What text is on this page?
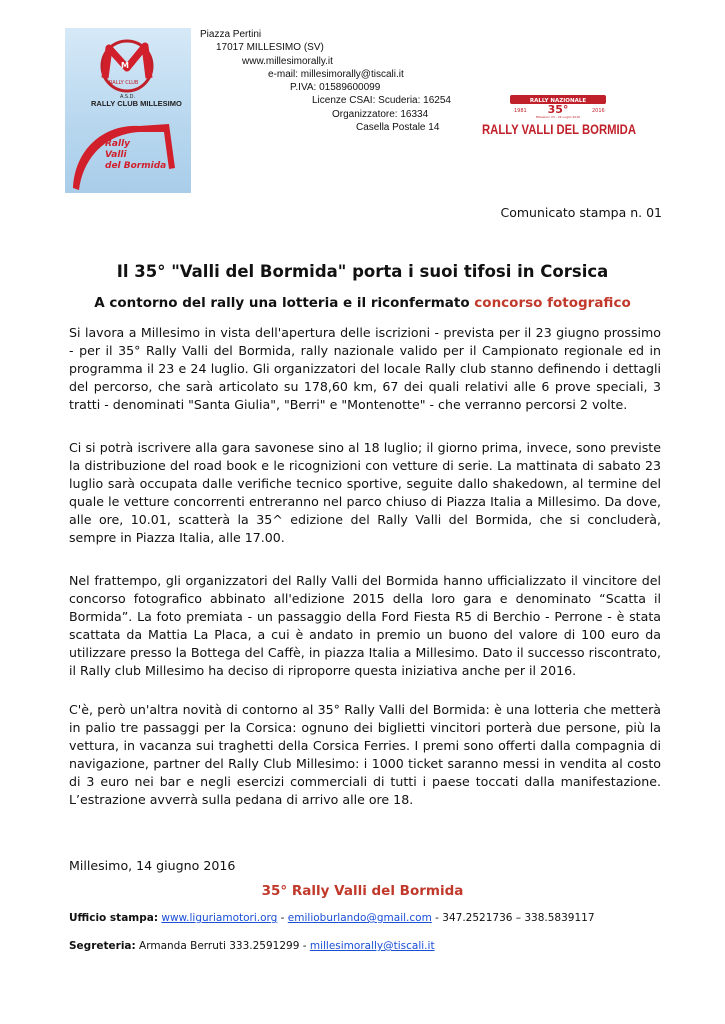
RALLY CLUB
M
A.S.D.
RALLY CLUB MILLESIMO
Rally
Valli
del Bormida
Piazza Pertini
17017 MILLESIMO (SV)
www.millesimorally.it
e-mail: millesimorally@tiscali.it
P.IVA: 01589600099
Licenze CSAI: Scuderia: 16254
Organizzatore: 16334
Casella Postale 14
RALLY NAZIONALE
1981 35°	2016
Millesimo 23 - 24 Luglio 2016
RALLY VALLI DEL BORMIDA
Comunicato stampa n. 01
Il 35° "Valli del Bormida" porta i suoi tifosi in Corsica
A contorno del rally una lotteria e il riconfermato concorso fotografico
Si lavora a Millesimo in vista dell'apertura delle iscrizioni - prevista per il 23 giugno prossimo - per il 35° Rally Valli del Bormida, rally nazionale valido per il Campionato regionale ed in programma il 23 e 24 luglio. Gli organizzatori del locale Rally club stanno definendo i dettagli del percorso, che sarà articolato su 178,60 km, 67 dei quali relativi alle 6 prove speciali, 3 tratti - denominati "Santa Giulia", "Berri" e "Montenotte" - che verranno percorsi 2 volte.
Ci si potrà iscrivere alla gara savonese sino al 18 luglio; il giorno prima, invece, sono previste la distribuzione del road book e le ricognizioni con vetture di serie. La mattinata di sabato 23 luglio sarà occupata dalle verifiche tecnico sportive, seguite dallo shakedown, al termine del quale le vetture concorrenti entreranno nel parco chiuso di Piazza Italia a Millesimo. Da dove, alle ore, 10.01, scatterà la 35^ edizione del Rally Valli del Bormida, che si concluderà, sempre in Piazza Italia, alle 17.00.
Nel frattempo, gli organizzatori del Rally Valli del Bormida hanno ufficializzato il vincitore del concorso fotografico abbinato all'edizione 2015 della loro gara e denominato “Scatta il Bormida”. La foto premiata - un passaggio della Ford Fiesta R5 di Berchio - Perrone - è stata scattata da Mattia La Placa, a cui è andato in premio un buono del valore di 100 euro da utilizzare presso la Bottega del Caffè, in piazza Italia a Millesimo. Dato il successo riscontrato, il Rally club Millesimo ha deciso di riproporre questa iniziativa anche per il 2016.
C'è, però un'altra novità di contorno al 35° Rally Valli del Bormida: è una lotteria che metterà in palio tre passaggi per la Corsica: ognuno dei biglietti vincitori porterà due persone, più la vettura, in vacanza sui traghetti della Corsica Ferries. I premi sono offerti dalla compagnia di navigazione, partner del Rally Club Millesimo: i 1000 ticket saranno messi in vendita al costo di 3 euro nei bar e negli esercizi commerciali di tutti i paese toccati dalla manifestazione. L’estrazione avverrà sulla pedana di arrivo alle ore 18.
Millesimo, 14 giugno 2016
35° Rally Valli del Bormida
Ufficio stampa: www.liguriamotori.org - emilioburlando@gmail.com - 347.2521736 – 338.5839117
Segreteria: Armanda Berruti 333.2591299 - millesimorally@tiscali.it
